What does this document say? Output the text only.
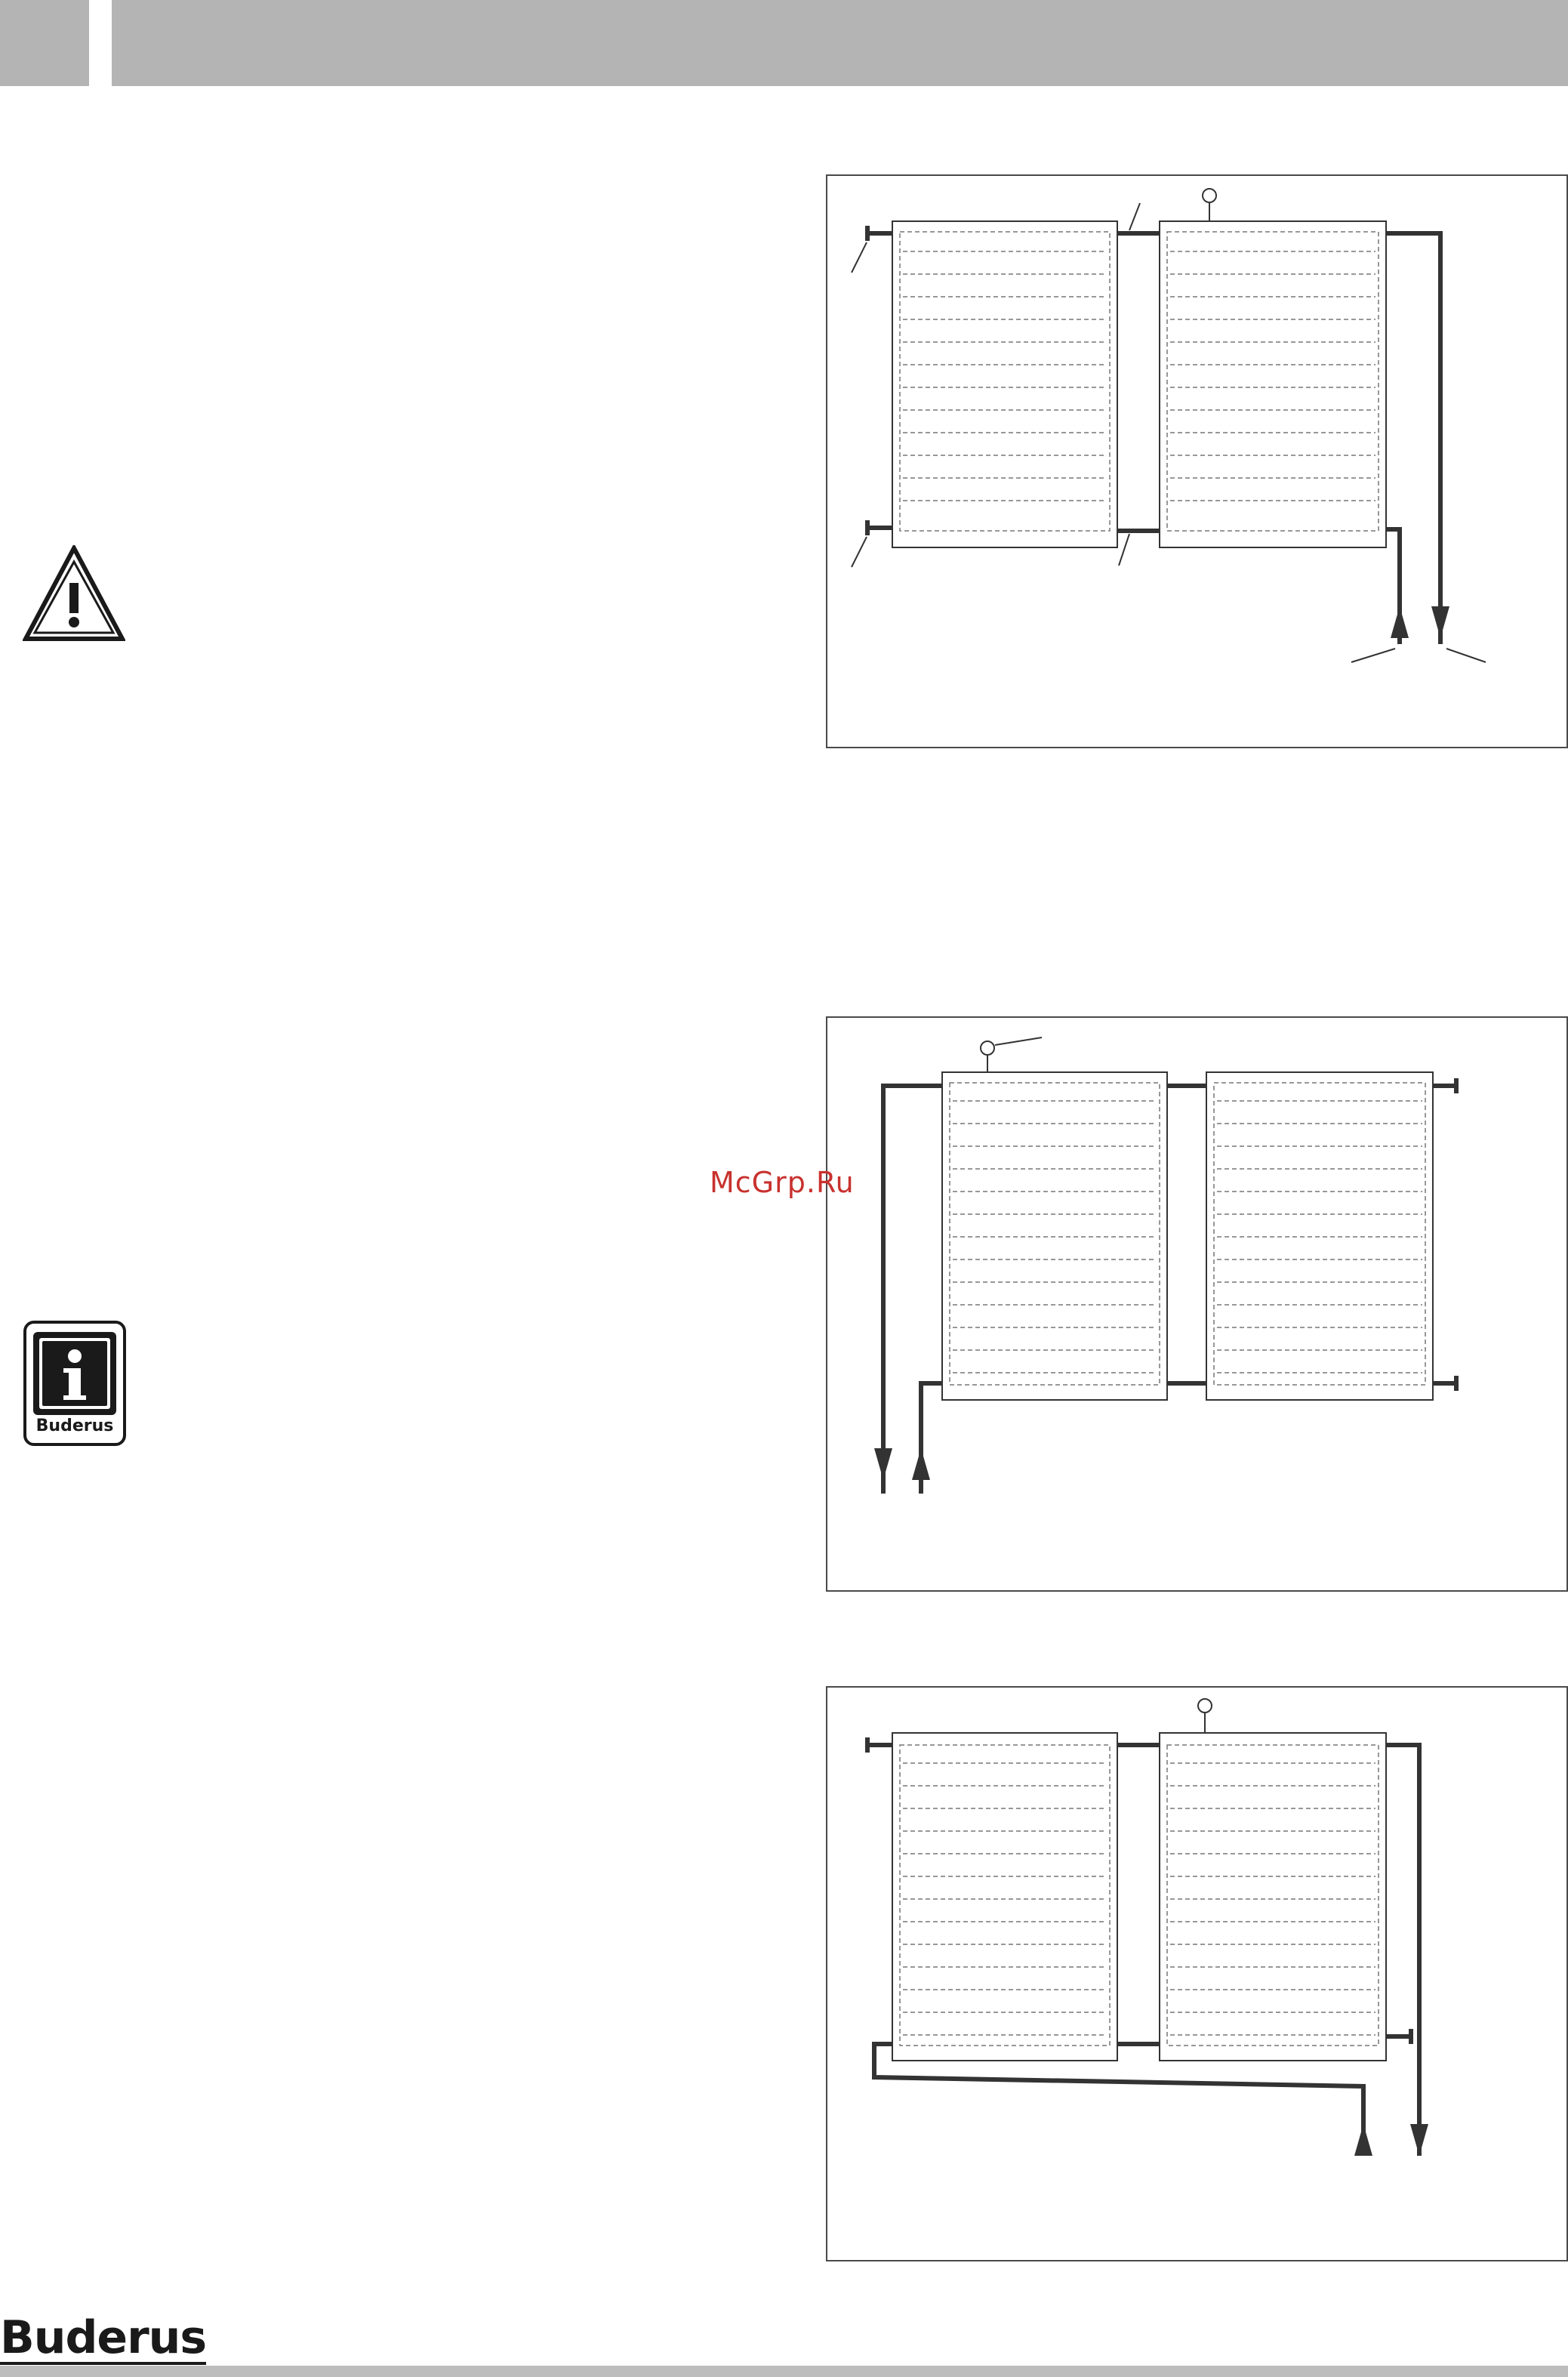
McGrp.Ru
Buderus
Buderus
